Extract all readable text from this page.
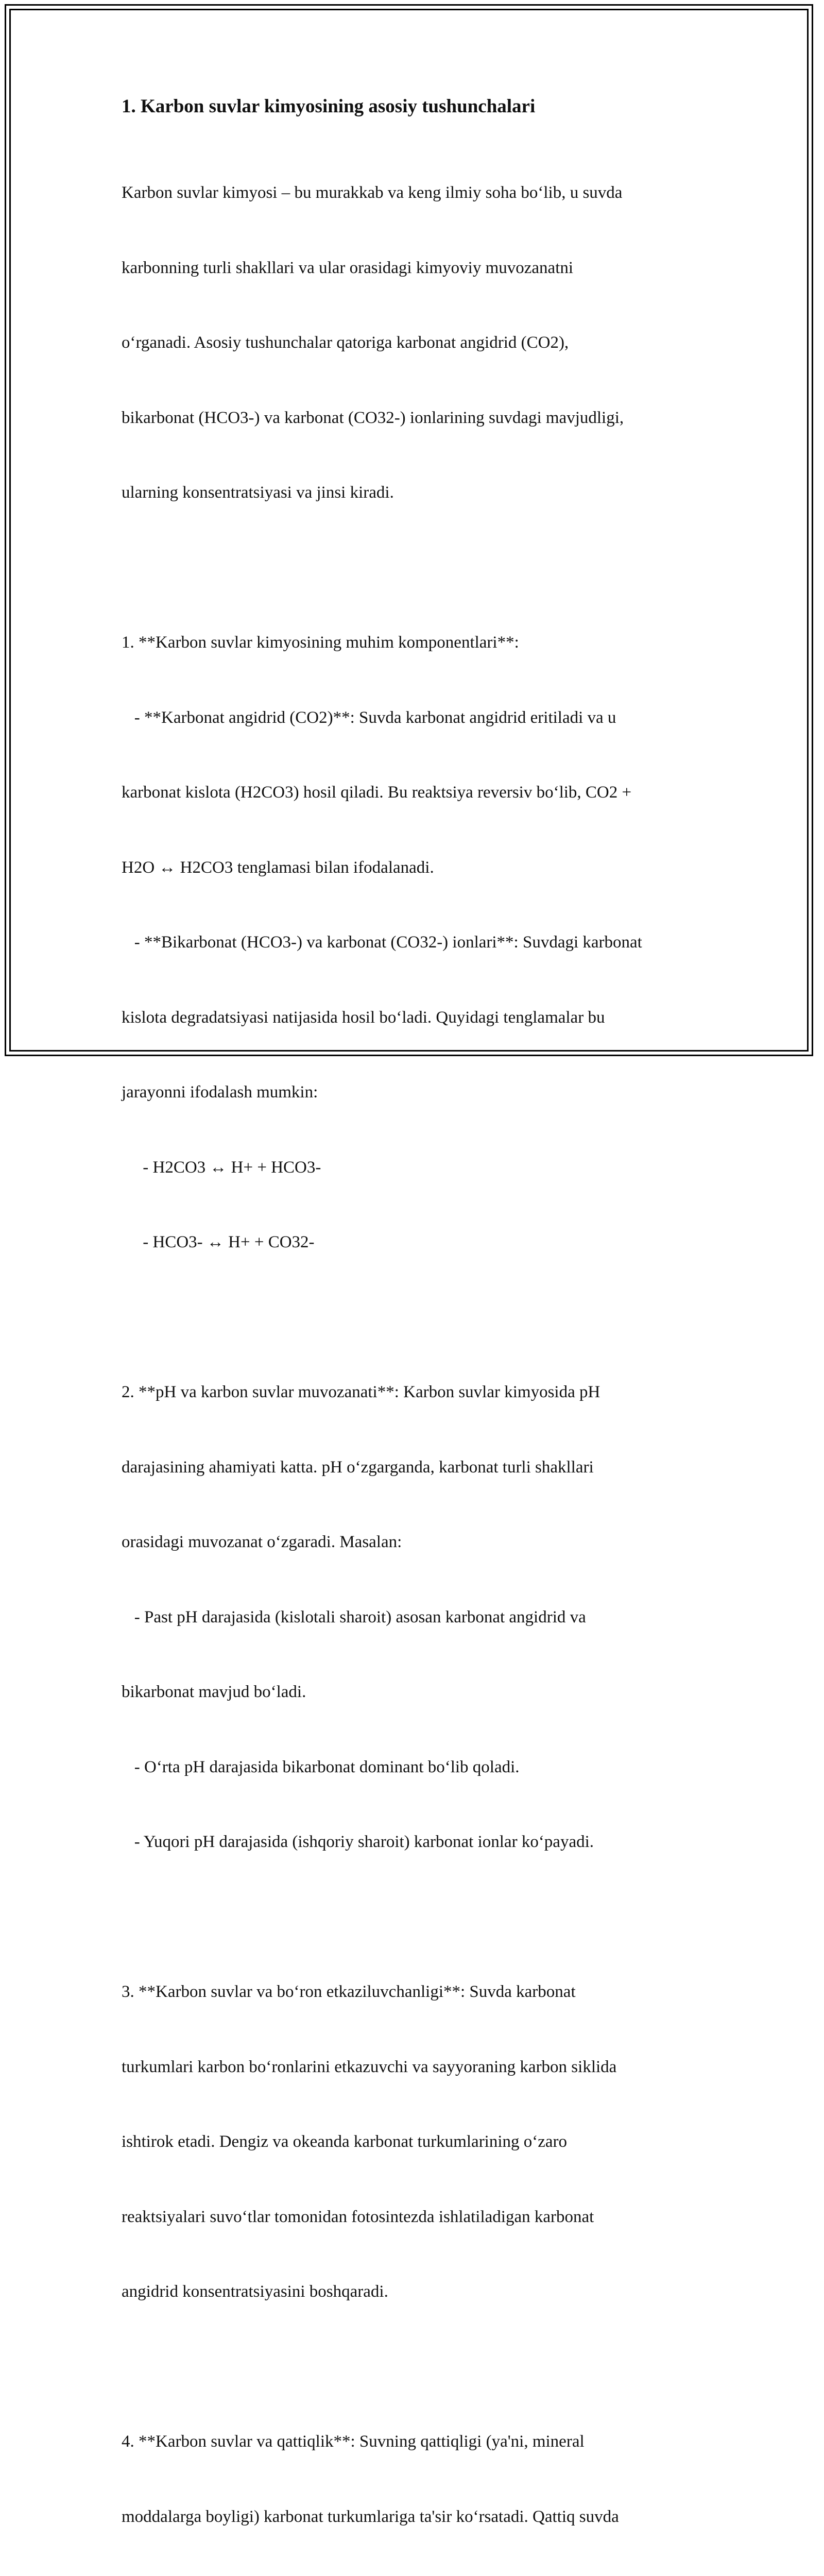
1. Karbon suvlar kimyosining asosiy tushunchalari

Karbon suvlar kimyosi – bu murakkab va keng ilmiy soha bo‘lib, u suvda

karbonning turli shakllari va ular orasidagi kimyoviy muvozanatni

o‘rganadi. Asosiy tushunchalar qatoriga karbonat angidrid (CO2),

bikarbonat (HCO3-) va karbonat (CO32-) ionlarining suvdagi mavjudligi,

ularning konsentratsiyasi va jinsi kiradi.

1. **Karbon suvlar kimyosining muhim komponentlari**:

- **Karbonat angidrid (CO2)**: Suvda karbonat angidrid eritiladi va u

karbonat kislota (H2CO3) hosil qiladi. Bu reaktsiya reversiv bo‘lib, CO2 +

H2O ↔ H2CO3 tenglamasi bilan ifodalanadi.

- **Bikarbonat (HCO3-) va karbonat (CO32-) ionlari**: Suvdagi karbonat

kislota degradatsiyasi natijasida hosil bo‘ladi. Quyidagi tenglamalar bu

jarayonni ifodalash mumkin:

- H2CO3 ↔ H+ + HCO3-

- HCO3- ↔ H+ + CO32-

2. **pH va karbon suvlar muvozanati**: Karbon suvlar kimyosida pH

darajasining ahamiyati katta. pH o‘zgarganda, karbonat turli shakllari

orasidagi muvozanat o‘zgaradi. Masalan:

- Past pH darajasida (kislotali sharoit) asosan karbonat angidrid va

bikarbonat mavjud bo‘ladi.

- O‘rta pH darajasida bikarbonat dominant bo‘lib qoladi.

- Yuqori pH darajasida (ishqoriy sharoit) karbonat ionlar ko‘payadi.

3. **Karbon suvlar va bo‘ron etkaziluvchanligi**: Suvda karbonat

turkumlari karbon bo‘ronlarini etkazuvchi va sayyoraning karbon siklida

ishtirok etadi. Dengiz va okeanda karbonat turkumlarining o‘zaro

reaktsiyalari suvo‘tlar tomonidan fotosintezda ishlatiladigan karbonat

angidrid konsentratsiyasini boshqaradi.

4. **Karbon suvlar va qattiqlik**: Suvning qattiqligi (ya'ni, mineral

moddalarga boyligi) karbonat turkumlariga ta'sir ko‘rsatadi. Qattiq suvda
